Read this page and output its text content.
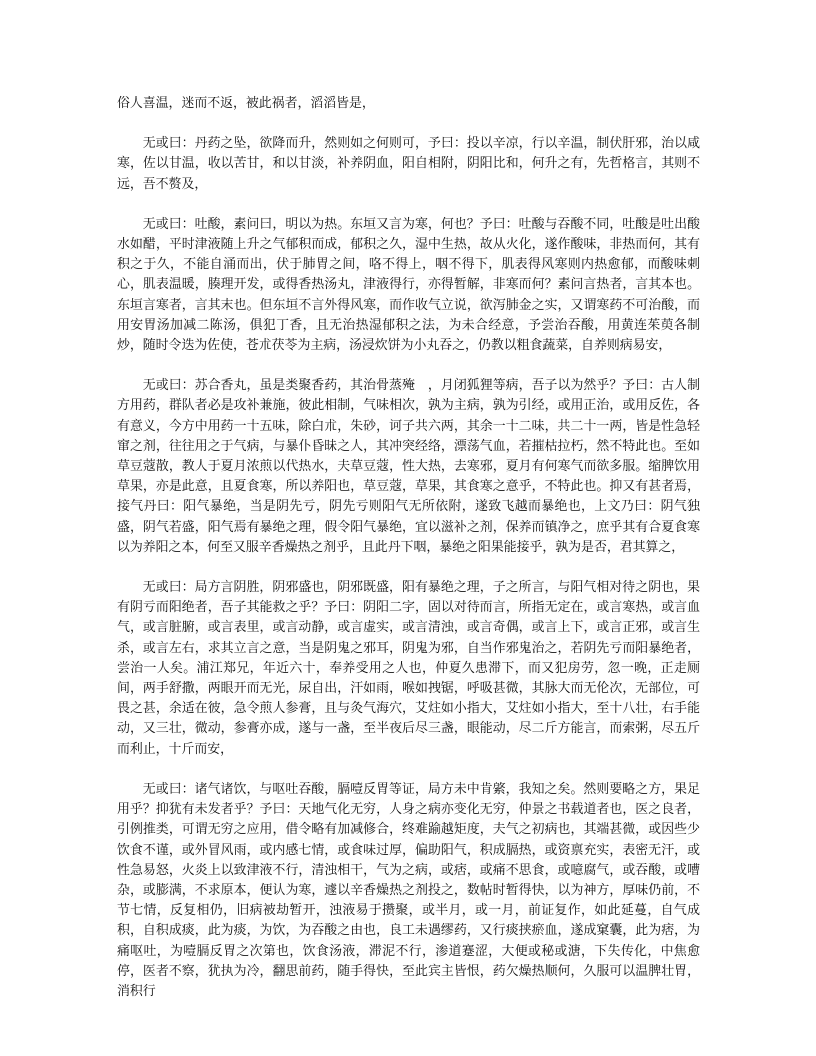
俗人喜温，迷而不返，被此祸者，滔滔皆是，

无或曰：丹药之坠，欲降而升，然则如之何则可，予曰：投以辛凉，行以辛温，制伏肝邪，治以咸寒，佐以甘温，收以苦甘，和以甘淡，补养阴血，阳自相附，阴阳比和，何升之有，先哲格言，其则不远，吾不赘及，

无或曰：吐酸，素问曰，明以为热。东垣又言为寒，何也？予曰：吐酸与吞酸不同，吐酸是吐出酸水如醋，平时津液随上升之气郁积而成，郁积之久，湿中生热，故从火化，遂作酸味，非热而何，其有积之于久，不能自涌而出，伏于肺胃之间，咯不得上，咽不得下，肌表得风寒则内热愈郁，而酸味刺心，肌表温暖，腠理开发，或得香热汤丸，津液得行，亦得暂解，非寒而何？素问言热者，言其本也。东垣言寒者，言其末也。但东垣不言外得风寒，而作收气立说，欲泻肺金之实，又谓寒药不可治酸，而用安胃汤加减二陈汤，俱犯丁香，且无治热湿郁积之法，为未合经意，予尝治吞酸，用黄连茱萸各制炒，随时令迭为佐使，苍朮茯苓为主病，汤浸炊饼为小丸吞之，仍教以粗食蔬菜，自养则病易安，

无或曰：苏合香丸，虽是类聚香药，其治骨蒸殗　，月闭狐狸等病，吾子以为然乎？予曰：古人制方用药，群队者必是攻补兼施，彼此相制，气味相次，孰为主病，孰为引经，或用正治，或用反佐，各有意义，今方中用药一十五味，除白朮，朱砂，诃子共六两，其余一十二味，共二十一两，皆是性急轻窜之剂，往往用之于气病，与暴仆昏昧之人，其冲突经络，漂荡气血，若摧枯拉朽，然不特此也。至如草豆蔻散，教人于夏月浓煎以代热水，夫草豆蔻，性大热，去寒邪，夏月有何寒气而欲多服。缩脾饮用草果，亦是此意，且夏食寒，所以养阳也，草豆蔻，草果，其食寒之意乎，不特此也。抑又有甚者焉，接气丹曰：阳气暴绝，当是阴先亏，阴先亏则阳气无所依附，遂致飞越而暴绝也，上文乃曰：阴气独盛，阴气若盛，阳气焉有暴绝之理，假令阳气暴绝，宜以滋补之剂，保养而镇净之，庶乎其有合夏食寒以为养阳之本，何至又服辛香燥热之剂乎，且此丹下咽，暴绝之阳果能接乎，孰为是否，君其算之，

无或曰：局方言阴胜，阴邪盛也，阴邪既盛，阳有暴绝之理，子之所言，与阳气相对待之阴也，果有阴亏而阳绝者，吾子其能救之乎？予曰：阴阳二字，固以对待而言，所指无定在，或言寒热，或言血气，或言脏腑，或言表里，或言动静，或言虚实，或言清浊，或言奇偶，或言上下，或言正邪，或言生杀，或言左右，求其立言之意，当是阴鬼之邪耳，阴鬼为邪，自当作邪鬼治之，若阴先亏而阳暴绝者，尝治一人矣。浦江郑兄，年近六十，奉养受用之人也，仲夏久患滞下，而又犯房劳，忽一晚，正走厕间，两手舒撒，两眼开而无光，尿自出，汗如雨，喉如拽锯，呼吸甚微，其脉大而无伦次，无部位，可畏之甚，余适在彼，急令煎人参膏，且与灸气海穴，艾炷如小指大，艾炷如小指大，至十八壮，右手能动，又三壮，微动，参膏亦成，遂与一盏，至半夜后尽三盏，眼能动，尽二斤方能言，而索粥，尽五斤而利止，十斤而安，

无或曰：诸气诸饮，与呕吐吞酸，膈噎反胃等证，局方未中肯綮，我知之矣。然则要略之方，果足用乎？抑犹有未发者乎？予曰：天地气化无穷，人身之病亦变化无穷，仲景之书载道者也，医之良者，引例推类，可谓无穷之应用，借令略有加减修合，终难踰越矩度，夫气之初病也，其端甚微，或因些少饮食不谨，或外冒风雨，或内感七情，或食味过厚，偏助阳气，积成膈热，或资禀充实，表密无汗，或性急易怒，火炎上以致津液不行，清浊相干，气为之病，或痞，或痛不思食，或噫腐气，或吞酸，或嘈杂，或膨满，不求原本，便认为寒，遽以辛香燥热之剂投之，数帖时暂得快，以为神方，厚味仍前，不节七情，反复相仍，旧病被劫暂开，浊液易于攒聚，或半月，或一月，前证复作，如此延蔓，自气成积，自积成痰，此为痰，为饮，为吞酸之由也，良工未遇缪药，又行痰挟瘀血，遂成窠囊，此为痞，为痛呕吐，为噎膈反胃之次第也，饮食汤液，滞泥不行，渗道蹇涩，大便或秘或溏，下失传化，中焦愈停，医者不察，犹执为冷，翻思前药，随手得快，至此宾主皆恨，药欠燥热顺何，久服可以温脾壮胃，消积行
